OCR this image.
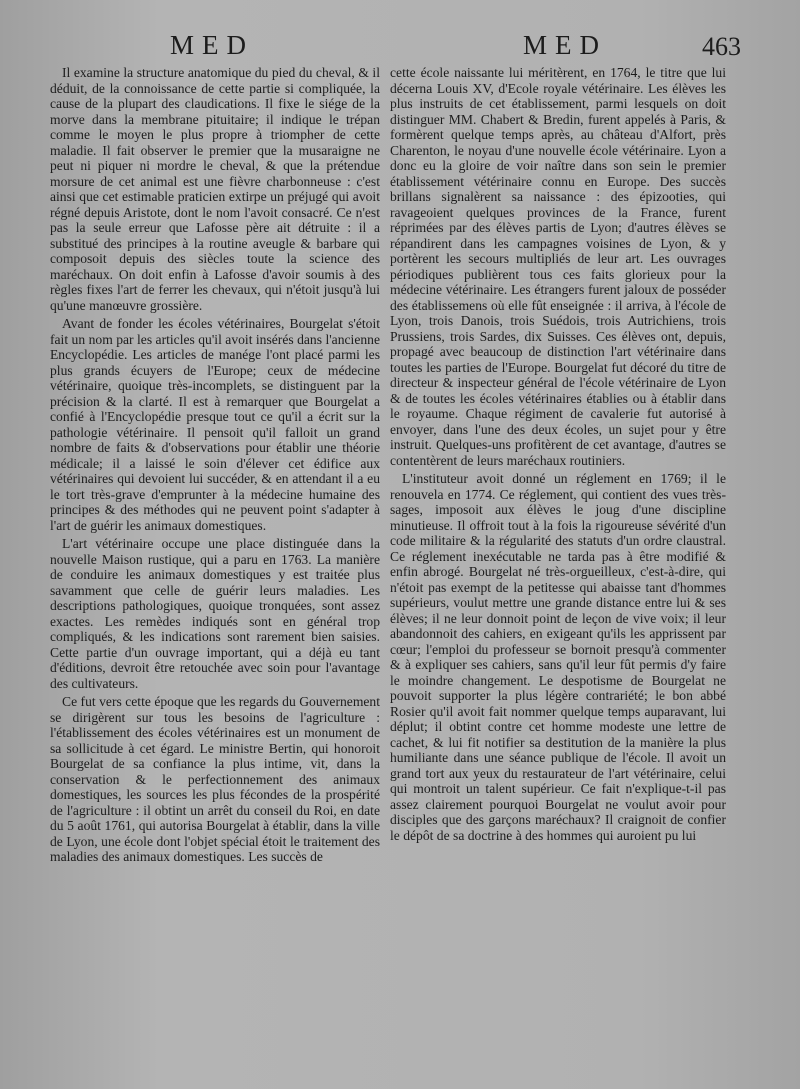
MED	MED	463

Il examine la structure anatomique du pied du cheval, & il déduit, de la connoissance de cette partie si compliquée, la cause de la plupart des claudications. Il fixe le siége de la morve dans la membrane pituitaire; il indique le trépan comme le moyen le plus propre à triompher de cette maladie. Il fait observer le premier que la musaraigne ne peut ni piquer ni mordre le cheval, & que la prétendue morsure de cet animal est une fièvre charbonneuse : c'est ainsi que cet estimable praticien extirpe un préjugé qui avoit régné depuis Aristote, dont le nom l'avoit consacré. Ce n'est pas la seule erreur que Lafosse père ait détruite : il a substitué des principes à la routine aveugle & barbare qui composoit depuis des siècles toute la science des maréchaux. On doit enfin à Lafosse d'avoir soumis à des règles fixes l'art de ferrer les chevaux, qui n'étoit jusqu'à lui qu'une manœuvre grossière.

Avant de fonder les écoles vétérinaires, Bourgelat s'étoit fait un nom par les articles qu'il avoit insérés dans l'ancienne Encyclopédie. Les articles de manége l'ont placé parmi les plus grands écuyers de l'Europe; ceux de médecine vétérinaire, quoique très-incomplets, se distinguent par la précision & la clarté. Il est à remarquer que Bourgelat a confié à l'Encyclopédie presque tout ce qu'il a écrit sur la pathologie vétérinaire. Il pensoit qu'il falloit un grand nombre de faits & d'observations pour établir une théorie médicale; il a laissé le soin d'élever cet édifice aux vétérinaires qui devoient lui succéder, & en attendant il a eu le tort très-grave d'emprunter à la médecine humaine des principes & des méthodes qui ne peuvent point s'adapter à l'art de guérir les animaux domestiques.

L'art vétérinaire occupe une place distinguée dans la nouvelle Maison rustique, qui a paru en 1763. La manière de conduire les animaux domestiques y est traitée plus savamment que celle de guérir leurs maladies. Les descriptions pathologiques, quoique tronquées, sont assez exactes. Les remèdes indiqués sont en général trop compliqués, & les indications sont rarement bien saisies. Cette partie d'un ouvrage important, qui a déjà eu tant d'éditions, devroit être retouchée avec soin pour l'avantage des cultivateurs.

Ce fut vers cette époque que les regards du Gouvernement se dirigèrent sur tous les besoins de l'agriculture : l'établissement des écoles vétérinaires est un monument de sa sollicitude à cet égard. Le ministre Bertin, qui honoroit Bourgelat de sa confiance la plus intime, vit, dans la conservation & le perfectionnement des animaux domestiques, les sources les plus fécondes de la prospérité de l'agriculture : il obtint un arrêt du conseil du Roi, en date du 5 août 1761, qui autorisa Bourgelat à établir, dans la ville de Lyon, une école dont l'objet spécial étoit le traitement des maladies des animaux domestiques. Les succès de

cette école naissante lui méritèrent, en 1764, le titre que lui décerna Louis XV, d'Ecole royale vétérinaire. Les élèves les plus instruits de cet établissement, parmi lesquels on doit distinguer MM. Chabert & Bredin, furent appelés à Paris, & formèrent quelque temps après, au château d'Alfort, près Charenton, le noyau d'une nouvelle école vétérinaire. Lyon a donc eu la gloire de voir naître dans son sein le premier établissement vétérinaire connu en Europe. Des succès brillans signalèrent sa naissance : des épizooties, qui ravageoient quelques provinces de la France, furent réprimées par des élèves partis de Lyon; d'autres élèves se répandirent dans les campagnes voisines de Lyon, & y portèrent les secours multipliés de leur art. Les ouvrages périodiques publièrent tous ces faits glorieux pour la médecine vétérinaire. Les étrangers furent jaloux de posséder des établissemens où elle fût enseignée : il arriva, à l'école de Lyon, trois Danois, trois Suédois, trois Autrichiens, trois Prussiens, trois Sardes, dix Suisses. Ces élèves ont, depuis, propagé avec beaucoup de distinction l'art vétérinaire dans toutes les parties de l'Europe. Bourgelat fut décoré du titre de directeur & inspecteur général de l'école vétérinaire de Lyon & de toutes les écoles vétérinaires établies ou à établir dans le royaume. Chaque régiment de cavalerie fut autorisé à envoyer, dans l'une des deux écoles, un sujet pour y être instruit. Quelques-uns profitèrent de cet avantage, d'autres se contentèrent de leurs maréchaux routiniers.

L'instituteur avoit donné un réglement en 1769; il le renouvela en 1774. Ce réglement, qui contient des vues très-sages, imposoit aux élèves le joug d'une discipline minutieuse. Il offroit tout à la fois la rigoureuse sévérité d'un code militaire & la régularité des statuts d'un ordre claustral. Ce réglement inexécutable ne tarda pas à être modifié & enfin abrogé. Bourgelat né très-orgueilleux, c'est-à-dire, qui n'étoit pas exempt de la petitesse qui abaisse tant d'hommes supérieurs, voulut mettre une grande distance entre lui & ses élèves; il ne leur donnoit point de leçon de vive voix; il leur abandonnoit des cahiers, en exigeant qu'ils les apprissent par cœur; l'emploi du professeur se bornoit presqu'à commenter & à expliquer ses cahiers, sans qu'il leur fût permis d'y faire le moindre changement. Le despotisme de Bourgelat ne pouvoit supporter la plus légère contrariété; le bon abbé Rosier qu'il avoit fait nommer quelque temps auparavant, lui déplut; il obtint contre cet homme modeste une lettre de cachet, & lui fit notifier sa destitution de la manière la plus humiliante dans une séance publique de l'école. Il avoit un grand tort aux yeux du restaurateur de l'art vétérinaire, celui qui montroit un talent supérieur. Ce fait n'explique-t-il pas assez clairement pourquoi Bourgelat ne voulut avoir pour disciples que des garçons maréchaux? Il craignoit de confier le dépôt de sa doctrine à des hommes qui auroient pu lui
